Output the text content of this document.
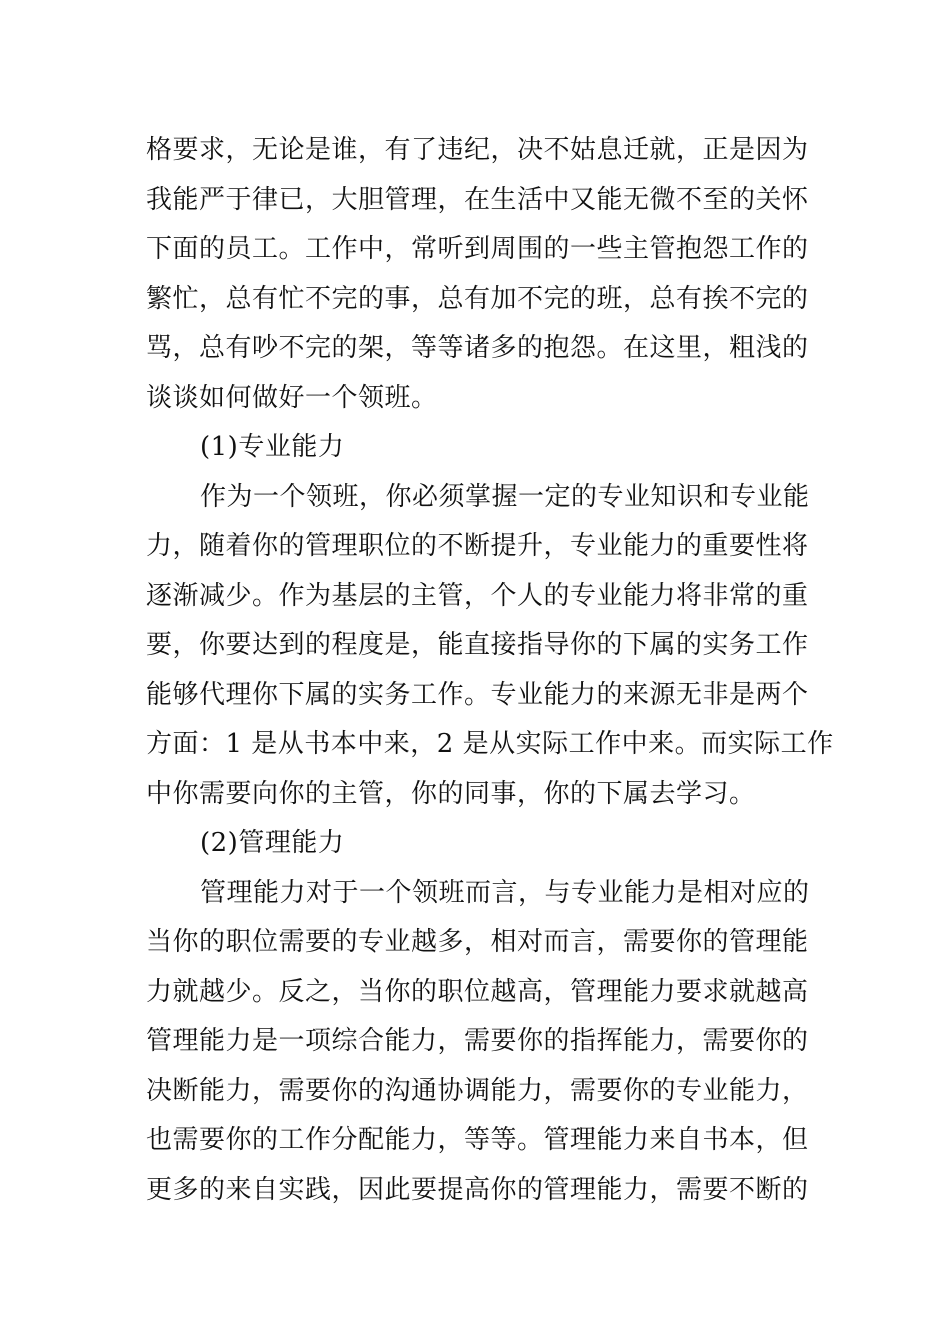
格要求，无论是谁，有了违纪，决不姑息迁就，正是因为
我能严于律已，大胆管理，在生活中又能无微不至的关怀
下面的员工。工作中，常听到周围的一些主管抱怨工作的
繁忙，总有忙不完的事，总有加不完的班，总有挨不完的
骂，总有吵不完的架，等等诸多的抱怨。在这里，粗浅的
谈谈如何做好一个领班。
(1)专业能力
作为一个领班，你必须掌握一定的专业知识和专业能
力，随着你的管理职位的不断提升，专业能力的重要性将
逐渐减少。作为基层的主管，个人的专业能力将非常的重
要，你要达到的程度是，能直接指导你的下属的实务工作
能够代理你下属的实务工作。专业能力的来源无非是两个
方面：1 是从书本中来，2 是从实际工作中来。而实际工作
中你需要向你的主管，你的同事，你的下属去学习。
(2)管理能力
管理能力对于一个领班而言，与专业能力是相对应的
当你的职位需要的专业越多，相对而言，需要你的管理能
力就越少。反之，当你的职位越高，管理能力要求就越高
管理能力是一项综合能力，需要你的指挥能力，需要你的
决断能力，需要你的沟通协调能力，需要你的专业能力，
也需要你的工作分配能力，等等。管理能力来自书本，但
更多的来自实践，因此要提高你的管理能力，需要不断的
